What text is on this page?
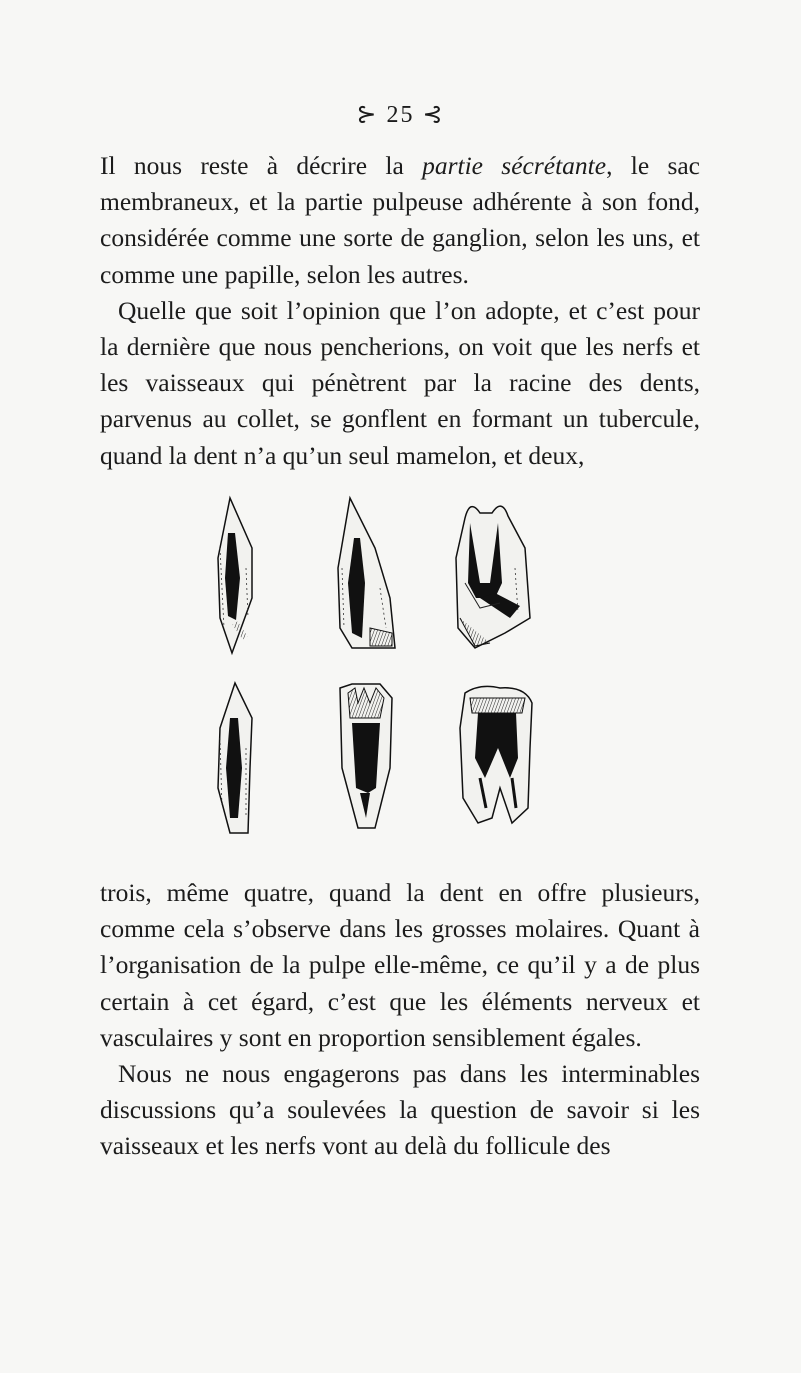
⊱ 25 ⊰

Il nous reste à décrire la partie sécrétante, le sac membraneux, et la partie pulpeuse adhérente à son fond, considérée comme une sorte de ganglion, selon les uns, et comme une papille, selon les autres.

Quelle que soit l’opinion que l’on adopte, et c’est pour la dernière que nous pencherions, on voit que les nerfs et les vaisseaux qui pénètrent par la racine des dents, parvenus au collet, se gonflent en formant un tubercule, quand la dent n’a qu’un seul mamelon, et deux,

trois, même quatre, quand la dent en offre plusieurs, comme cela s’observe dans les grosses molaires. Quant à l’organisation de la pulpe elle-même, ce qu’il y a de plus certain à cet égard, c’est que les éléments nerveux et vasculaires y sont en proportion sensiblement égales.

Nous ne nous engagerons pas dans les interminables discussions qu’a soulevées la question de savoir si les vaisseaux et les nerfs vont au delà du follicule des
